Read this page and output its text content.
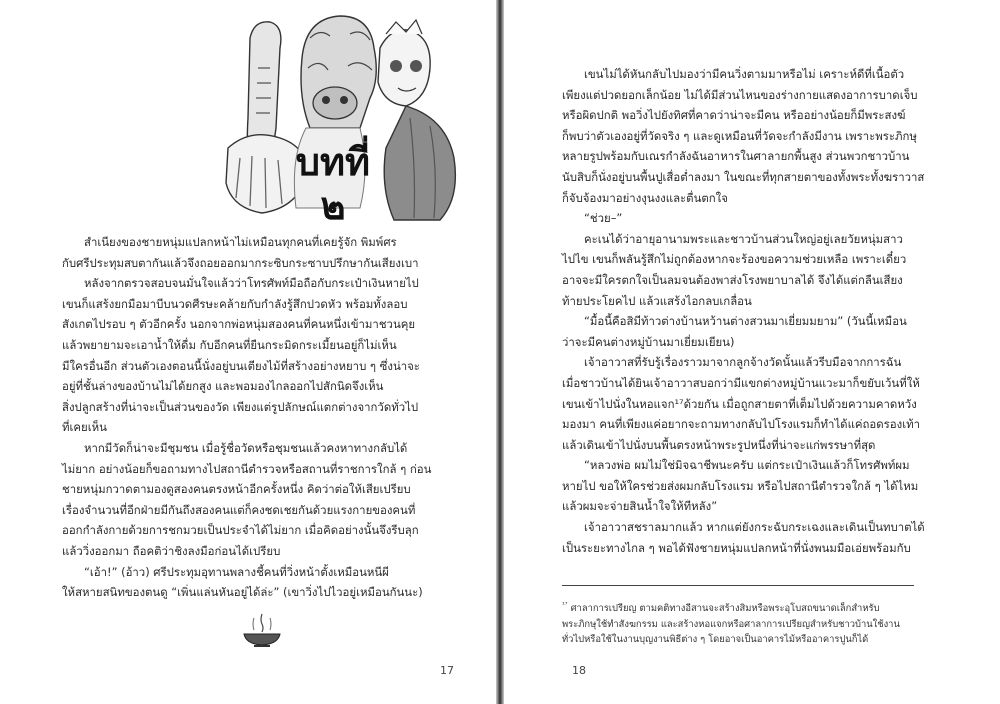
บทที่
๒

สำเนียงของชายหนุ่มแปลกหน้าไม่เหมือนทุกคนที่เคยรู้จัก พิมพ์ศร

กับศรีประทุมสบตากันแล้วจึงถอยออกมากระซิบกระซาบปรึกษากันเสียงเบา

หลังจากตรวจสอบจนมั่นใจแล้วว่าโทรศัพท์มือถือกับกระเป๋าเงินหายไป

เขนก็แสร้งยกมือมาบีบนวดศีรษะคล้ายกับกำลังรู้สึกปวดหัว พร้อมทั้งลอบ

สังเกตไปรอบ ๆ ตัวอีกครั้ง นอกจากพ่อหนุ่มสองคนที่คนหนึ่งเข้ามาชวนคุย

แล้วพยายามจะเอาน้ำให้ดื่ม กับอีกคนที่ยืนกระมิดกระเมี้ยนอยู่ก็ไม่เห็น

มีใครอื่นอีก ส่วนตัวเองตอนนี้นั่งอยู่บนเตียงไม้ที่สร้างอย่างหยาบ ๆ ซึ่งน่าจะ

อยู่ที่ชั้นล่างของบ้านไม่ได้ยกสูง และพอมองไกลออกไปสักนิดจึงเห็น

สิ่งปลูกสร้างที่น่าจะเป็นส่วนของวัด เพียงแต่รูปลักษณ์แตกต่างจากวัดทั่วไป

ที่เคยเห็น

หากมีวัดก็น่าจะมีชุมชน เมื่อรู้ชื่อวัดหรือชุมชนแล้วคงหาทางกลับได้

ไม่ยาก อย่างน้อยก็ขอถามทางไปสถานีตำรวจหรือสถานที่ราชการใกล้ ๆ ก่อน

ชายหนุ่มกวาดตามองดูสองคนตรงหน้าอีกครั้งหนึ่ง คิดว่าต่อให้เสียเปรียบ

เรื่องจำนวนที่อีกฝ่ายมีกันถึงสองคนแต่ก็คงชดเชยกันด้วยแรงกายของคนที่

ออกกำลังกายด้วยการชกมวยเป็นประจำได้ไม่ยาก เมื่อคิดอย่างนั้นจึงรีบลุก

แล้ววิ่งออกมา ถือคติว่าชิงลงมือก่อนได้เปรียบ

“เอ้า!” (อ้าว) ศรีประทุมอุทานพลางชี้คนที่วิ่งหน้าตั้งเหมือนหนีผี

ให้สหายสนิทของตนดู “เพิ่นแล่นหันอยู่ได้ล่ะ” (เขาวิ่งไปไวอยู่เหมือนกันนะ)

17

เขนไม่ได้หันกลับไปมองว่ามีคนวิ่งตามมาหรือไม่ เคราะห์ดีที่เนื้อตัว

เพียงแต่ปวดยอกเล็กน้อย ไม่ได้มีส่วนไหนของร่างกายแสดงอาการบาดเจ็บ

หรือผิดปกติ พอวิ่งไปยังทิศที่คาดว่าน่าจะมีคน หรืออย่างน้อยก็มีพระสงฆ์

ก็พบว่าตัวเองอยู่ที่วัดจริง ๆ และดูเหมือนที่วัดจะกำลังมีงาน เพราะพระภิกษุ

หลายรูปพร้อมกับเณรกำลังฉันอาหารในศาลายกพื้นสูง ส่วนพวกชาวบ้าน

นับสิบก็นั่งอยู่บนพื้นปูเสื่อต่ำลงมา ในขณะที่ทุกสายตาของทั้งพระทั้งฆราวาส

ก็จับจ้องมาอย่างงุนงงและตื่นตกใจ

“ช่วย–”

คะเนได้ว่าอายุอานามพระและชาวบ้านส่วนใหญ่อยู่เลยวัยหนุ่มสาว

ไปไข เขนก็พลันรู้สึกไม่ถูกต้องหากจะร้องขอความช่วยเหลือ เพราะเดี๋ยว

อาจจะมีใครตกใจเป็นลมจนต้องพาส่งโรงพยาบาลได้ จึงได้แต่กลืนเสียง

ท้ายประโยคไป แล้วแสร้งไอกลบเกลื่อน

“มื้อนี้คือสิมีท้าวต่างบ้านหว้านต่างสวนมาเยี่ยมมยาม” (วันนี้เหมือน

ว่าจะมีคนต่างหมู่บ้านมาเยี่ยมเยียน)

เจ้าอาวาสที่รับรู้เรื่องราวมาจากลูกจ้างวัดนั้นแล้วรีบมือจากการฉัน

เมื่อชาวบ้านได้ยินเจ้าอาวาสบอกว่ามีแขกต่างหมู่บ้านแวะมาก็ขยับเว้นที่ให้

เขนเข้าไปนั่งในหอแจก¹⁷ด้วยกัน เมื่อถูกสายตาที่เต็มไปด้วยความคาดหวัง

มองมา คนที่เพียงแค่อยากจะถามทางกลับไปโรงแรมก็ทำได้แค่ถอดรองเท้า

แล้วเดินเข้าไปนั่งบนพื้นตรงหน้าพระรูปหนึ่งที่น่าจะแก่พรรษาที่สุด

“หลวงพ่อ ผมไม่ใช่มิจฉาชีพนะครับ แต่กระเป๋าเงินแล้วก็โทรศัพท์ผม

หายไป ขอให้ใครช่วยส่งผมกลับโรงแรม หรือไปสถานีตำรวจใกล้ ๆ ได้ไหม

แล้วผมจะจ่ายสินน้ำใจให้ทีหลัง”

เจ้าอาวาสชราลมากแล้ว หากแต่ยังกระฉับกระเฉงและเดินเป็นทบาตได้

เป็นระยะทางไกล ๆ พอได้ฟังชายหนุ่มแปลกหน้าที่นั่งพนมมือเอ่ยพร้อมกับ

$^{^{17}}$ ศาลาการเปรียญ ตามคติทางอีสานจะสร้างสิมหรือพระอุโบสถขนาดเล็กสำหรับ

พระภิกษุใช้ทำสังฆกรรม และสร้างหอแจกหรือศาลาการเปรียญสำหรับชาวบ้านใช้งาน

ทั่วไปหรือใช้ในงานบุญงานพิธีต่าง ๆ โดยอาจเป็นอาคารไม้หรืออาคารปูนก็ได้

18
